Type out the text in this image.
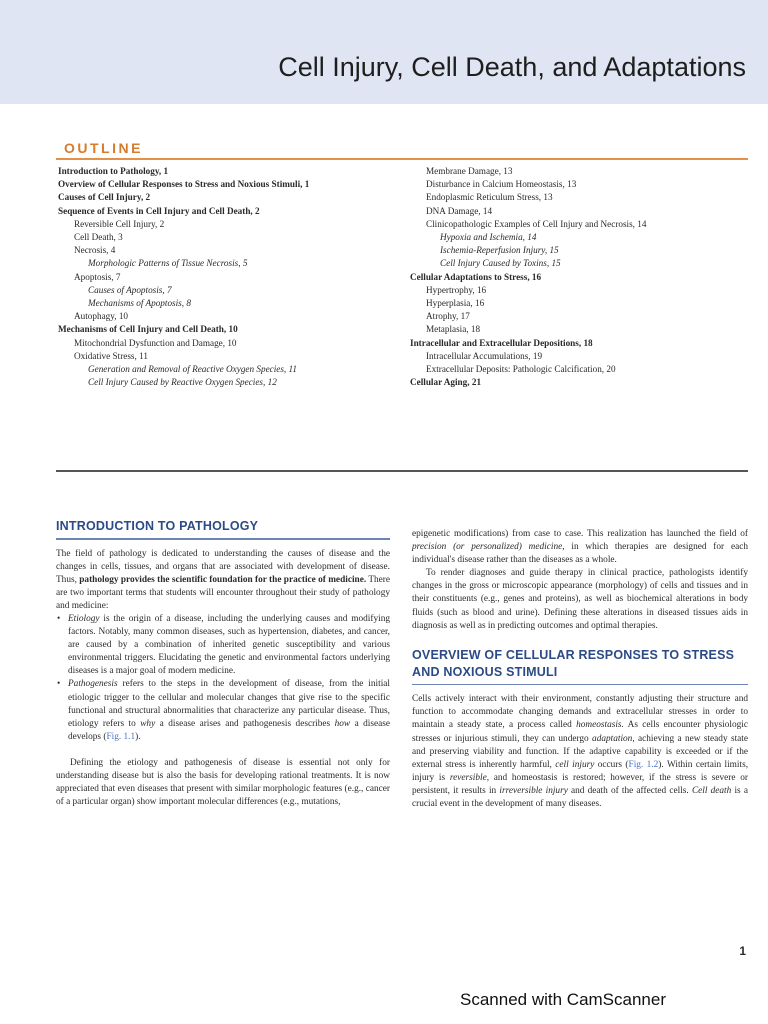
Cell Injury, Cell Death, and Adaptations
OUTLINE
Introduction to Pathology, 1
Overview of Cellular Responses to Stress and Noxious Stimuli, 1
Causes of Cell Injury, 2
Sequence of Events in Cell Injury and Cell Death, 2
Reversible Cell Injury, 2
Cell Death, 3
Necrosis, 4
Morphologic Patterns of Tissue Necrosis, 5
Apoptosis, 7
Causes of Apoptosis, 7
Mechanisms of Apoptosis, 8
Autophagy, 10
Mechanisms of Cell Injury and Cell Death, 10
Mitochondrial Dysfunction and Damage, 10
Oxidative Stress, 11
Generation and Removal of Reactive Oxygen Species, 11
Cell Injury Caused by Reactive Oxygen Species, 12
Membrane Damage, 13
Disturbance in Calcium Homeostasis, 13
Endoplasmic Reticulum Stress, 13
DNA Damage, 14
Clinicopathologic Examples of Cell Injury and Necrosis, 14
Hypoxia and Ischemia, 14
Ischemia-Reperfusion Injury, 15
Cell Injury Caused by Toxins, 15
Cellular Adaptations to Stress, 16
Hypertrophy, 16
Hyperplasia, 16
Atrophy, 17
Metaplasia, 18
Intracellular and Extracellular Depositions, 18
Intracellular Accumulations, 19
Extracellular Deposits: Pathologic Calcification, 20
Cellular Aging, 21
INTRODUCTION TO PATHOLOGY

The field of pathology is dedicated to understanding the causes of disease and the changes in cells, tissues, and organs that are associated with development of disease. Thus, pathology provides the scientific foundation for the practice of medicine. There are two important terms that students will encounter throughout their study of pathology and medicine:

• Etiology is the origin of a disease, including the underlying causes and modifying factors. Notably, many common diseases, such as hypertension, diabetes, and cancer, are caused by a combination of inherited genetic susceptibility and various environmental triggers. Elucidating the genetic and environmental factors underlying diseases is a major goal of modern medicine.
• Pathogenesis refers to the steps in the development of disease, from the initial etiologic trigger to the cellular and molecular changes that give rise to the specific functional and structural abnormalities that characterize any particular disease. Thus, etiology refers to why a disease arises and pathogenesis describes how a disease develops (Fig. 1.1).

Defining the etiology and pathogenesis of disease is essential not only for understanding disease but is also the basis for developing rational treatments. It is now appreciated that even diseases that present with similar morphologic features (e.g., cancer of a particular organ) show important molecular differences (e.g., mutations,

epigenetic modifications) from case to case. This realization has launched the field of precision (or personalized) medicine, in which therapies are designed for each individual's disease rather than the diseases as a whole.

To render diagnoses and guide therapy in clinical practice, pathologists identify changes in the gross or microscopic appearance (morphology) of cells and tissues and in their constituents (e.g., genes and proteins), as well as biochemical alterations in body fluids (such as blood and urine). Defining these alterations in diseased tissues aids in diagnosis as well as in predicting outcomes and optimal therapies.

OVERVIEW OF CELLULAR RESPONSES TO STRESS
AND NOXIOUS STIMULI

Cells actively interact with their environment, constantly adjusting their structure and function to accommodate changing demands and extracellular stresses in order to maintain a steady state, a process called homeostasis. As cells encounter physiologic stresses or injurious stimuli, they can undergo adaptation, achieving a new steady state and preserving viability and function. If the adaptive capability is exceeded or if the external stress is inherently harmful, cell injury occurs (Fig. 1.2). Within certain limits, injury is reversible, and homeostasis is restored; however, if the stress is severe or persistent, it results in irreversible injury and death of the affected cells. Cell death is a crucial event in the development of many diseases.

1
Scanned with CamScanner
